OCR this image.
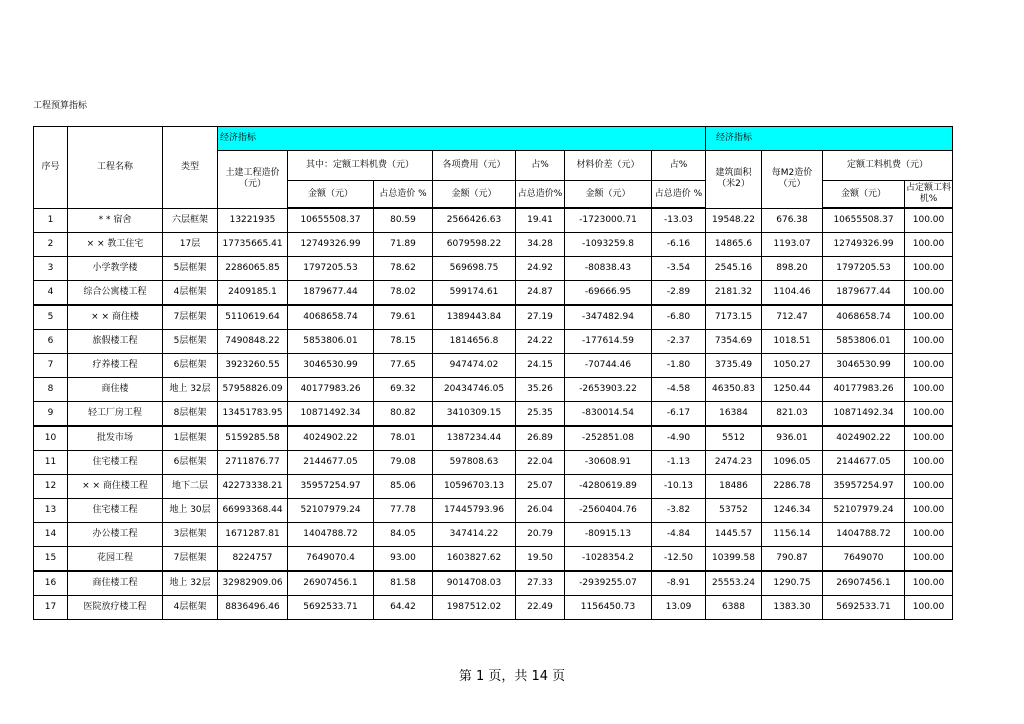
工程预算指标
序号	工程名称	类型	经济指标							经济指标			
			土建工程造价（元）	其中：定额工料机费（元）		各项费用（元）	占%	材料价差（元）	占%	建筑面积（米2）	每M2造价（元）	定额工料机费（元）	
				金额（元）	占总造价 %	金额（元）	占总造价%	金额（元）	占总造价 %			金额（元）	占定额工料机%
1	* * 宿舍	六层框架	13221935	10655508.37	80.59	2566426.63	19.41	-1723000.71	-13.03	19548.22	676.38	10655508.37	100.00
2	× × 教工住宅	17层	17735665.41	12749326.99	71.89	6079598.22	34.28	-1093259.8	-6.16	14865.6	1193.07	12749326.99	100.00
3	小学教学楼	5层框架	2286065.85	1797205.53	78.62	569698.75	24.92	-80838.43	-3.54	2545.16	898.20	1797205.53	100.00
4	综合公寓楼工程	4层框架	2409185.1	1879677.44	78.02	599174.61	24.87	-69666.95	-2.89	2181.32	1104.46	1879677.44	100.00
5	× × 商住楼	7层框架	5110619.64	4068658.74	79.61	1389443.84	27.19	-347482.94	-6.80	7173.15	712.47	4068658.74	100.00
6	旅假楼工程	5层框架	7490848.22	5853806.01	78.15	1814656.8	24.22	-177614.59	-2.37	7354.69	1018.51	5853806.01	100.00
7	疗养楼工程	6层框架	3923260.55	3046530.99	77.65	947474.02	24.15	-70744.46	-1.80	3735.49	1050.27	3046530.99	100.00
8	商住楼	地上 32层	57958826.09	40177983.26	69.32	20434746.05	35.26	-2653903.22	-4.58	46350.83	1250.44	40177983.26	100.00
9	轻工厂房工程	8层框架	13451783.95	10871492.34	80.82	3410309.15	25.35	-830014.54	-6.17	16384	821.03	10871492.34	100.00
10	批发市场	1层框架	5159285.58	4024902.22	78.01	1387234.44	26.89	-252851.08	-4.90	5512	936.01	4024902.22	100.00
11	住宅楼工程	6层框架	2711876.77	2144677.05	79.08	597808.63	22.04	-30608.91	-1.13	2474.23	1096.05	2144677.05	100.00
12	× × 商住楼工程	地下二层	42273338.21	35957254.97	85.06	10596703.13	25.07	-4280619.89	-10.13	18486	2286.78	35957254.97	100.00
13	住宅楼工程	地上 30层	66993368.44	52107979.24	77.78	17445793.96	26.04	-2560404.76	-3.82	53752	1246.34	52107979.24	100.00
14	办公楼工程	3层框架	1671287.81	1404788.72	84.05	347414.22	20.79	-80915.13	-4.84	1445.57	1156.14	1404788.72	100.00
15	花园工程	7层框架	8224757	7649070.4	93.00	1603827.62	19.50	-1028354.2	-12.50	10399.58	790.87	7649070	100.00
16	商住楼工程	地上 32层	32982909.06	26907456.1	81.58	9014708.03	27.33	-2939255.07	-8.91	25553.24	1290.75	26907456.1	100.00
17	医院放疗楼工程	4层框架	8836496.46	5692533.71	64.42	1987512.02	22.49	1156450.73	13.09	6388	1383.30	5692533.71	100.00
第 1 页，共 14 页
